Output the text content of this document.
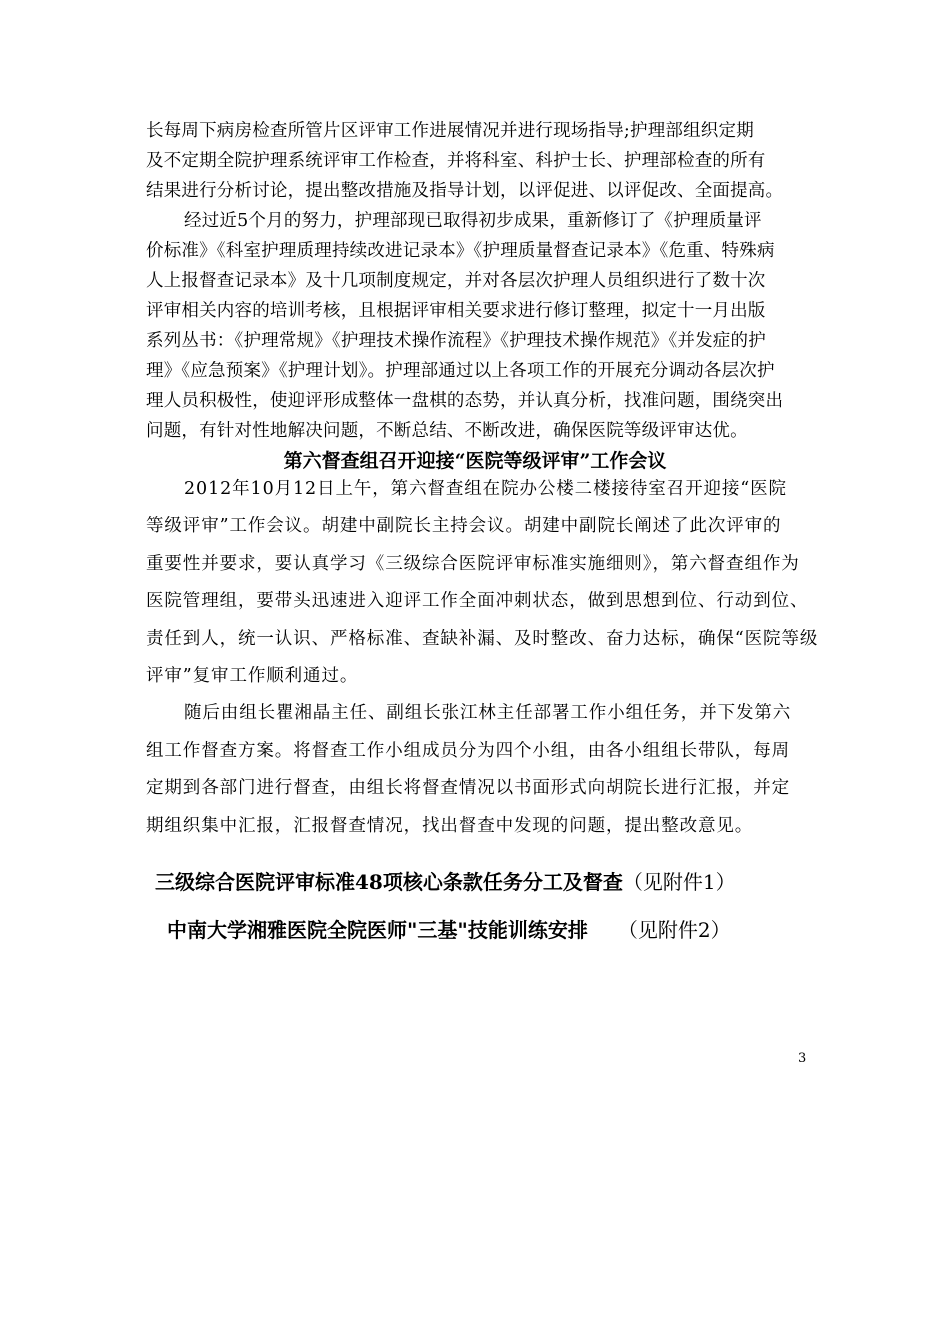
长每周下病房检查所管片区评审工作进展情况并进行现场指导;护理部组织定期
及不定期全院护理系统评审工作检查，并将科室、科护士长、护理部检查的所有
结果进行分析讨论，提出整改措施及指导计划，以评促进、以评促改、全面提高。
经过近5个月的努力，护理部现已取得初步成果，重新修订了《护理质量评
价标准》《科室护理质理持续改进记录本》《护理质量督查记录本》《危重、特殊病
人上报督查记录本》及十几项制度规定，并对各层次护理人员组织进行了数十次
评审相关内容的培训考核，且根据评审相关要求进行修订整理，拟定十一月出版
系列丛书：《护理常规》《护理技术操作流程》《护理技术操作规范》《并发症的护
理》《应急预案》《护理计划》。护理部通过以上各项工作的开展充分调动各层次护
理人员积极性，使迎评形成整体一盘棋的态势，并认真分析，找准问题，围绕突出
问题，有针对性地解决问题，不断总结、不断改进，确保医院等级评审达优。
第六督查组召开迎接“医院等级评审”工作会议
2012年10月12日上午，第六督查组在院办公楼二楼接待室召开迎接“医院
等级评审”工作会议。胡建中副院长主持会议。胡建中副院长阐述了此次评审的
重要性并要求，要认真学习《三级综合医院评审标准实施细则》，第六督查组作为
医院管理组，要带头迅速进入迎评工作全面冲刺状态，做到思想到位、行动到位、
责任到人，统一认识、严格标准、查缺补漏、及时整改、奋力达标，确保“医院等级
评审”复审工作顺利通过。
随后由组长瞿湘晶主任、副组长张江林主任部署工作小组任务，并下发第六
组工作督查方案。将督查工作小组成员分为四个小组，由各小组组长带队，每周
定期到各部门进行督查，由组长将督查情况以书面形式向胡院长进行汇报，并定
期组织集中汇报，汇报督查情况，找出督查中发现的问题，提出整改意见。
三级综合医院评审标准48项核心条款任务分工及督查（见附件1）
中南大学湘雅医院全院医师"三基"技能训练安排 （见附件2）
3
